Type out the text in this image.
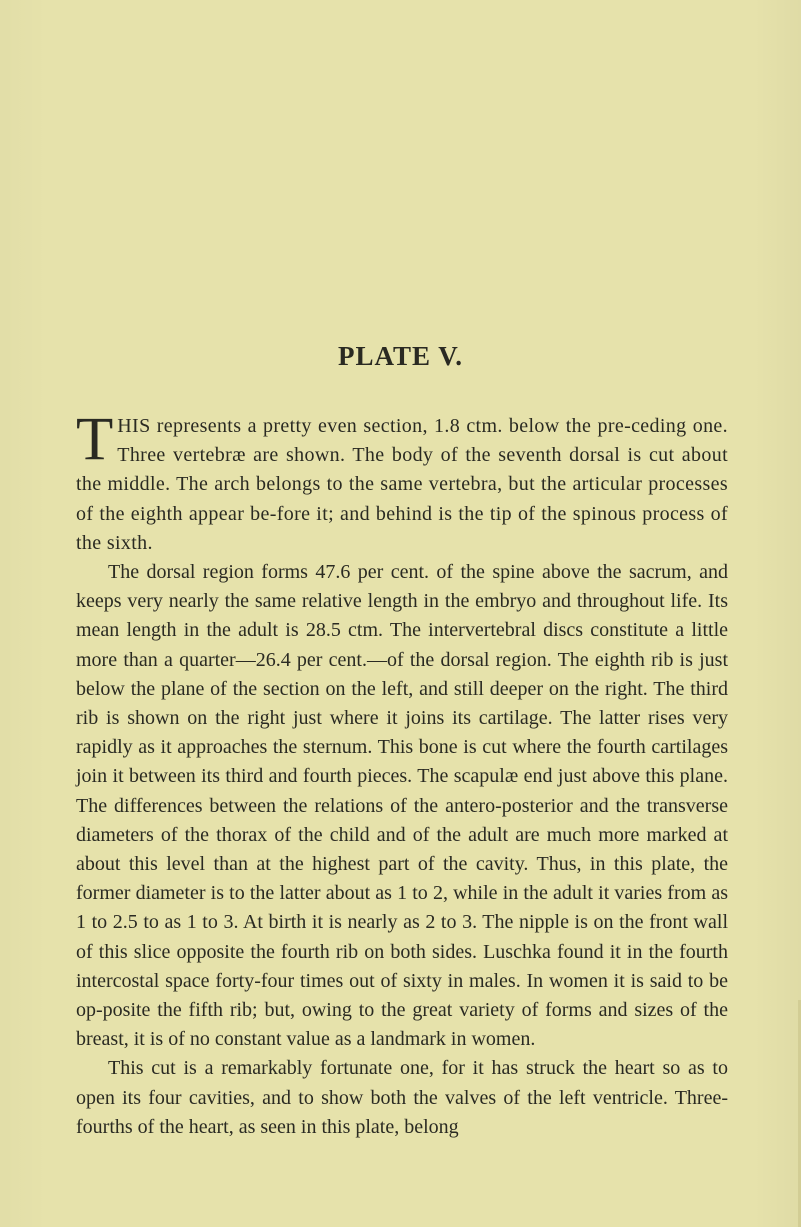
PLATE V.

THIS represents a pretty even section, 1.8 ctm. below the pre-ceding one. Three vertebræ are shown. The body of the seventh dorsal is cut about the middle. The arch belongs to the same vertebra, but the articular processes of the eighth appear be-fore it; and behind is the tip of the spinous process of the sixth.

The dorsal region forms 47.6 per cent. of the spine above the sacrum, and keeps very nearly the same relative length in the embryo and throughout life. Its mean length in the adult is 28.5 ctm. The intervertebral discs constitute a little more than a quarter—26.4 per cent.—of the dorsal region. The eighth rib is just below the plane of the section on the left, and still deeper on the right. The third rib is shown on the right just where it joins its cartilage. The latter rises very rapidly as it approaches the sternum. This bone is cut where the fourth cartilages join it between its third and fourth pieces. The scapulæ end just above this plane. The differences between the relations of the antero-posterior and the transverse diameters of the thorax of the child and of the adult are much more marked at about this level than at the highest part of the cavity. Thus, in this plate, the former diameter is to the latter about as 1 to 2, while in the adult it varies from as 1 to 2.5 to as 1 to 3. At birth it is nearly as 2 to 3. The nipple is on the front wall of this slice opposite the fourth rib on both sides. Luschka found it in the fourth intercostal space forty-four times out of sixty in males. In women it is said to be op-posite the fifth rib; but, owing to the great variety of forms and sizes of the breast, it is of no constant value as a landmark in women.

This cut is a remarkably fortunate one, for it has struck the heart so as to open its four cavities, and to show both the valves of the left ventricle. Three-fourths of the heart, as seen in this plate, belong
